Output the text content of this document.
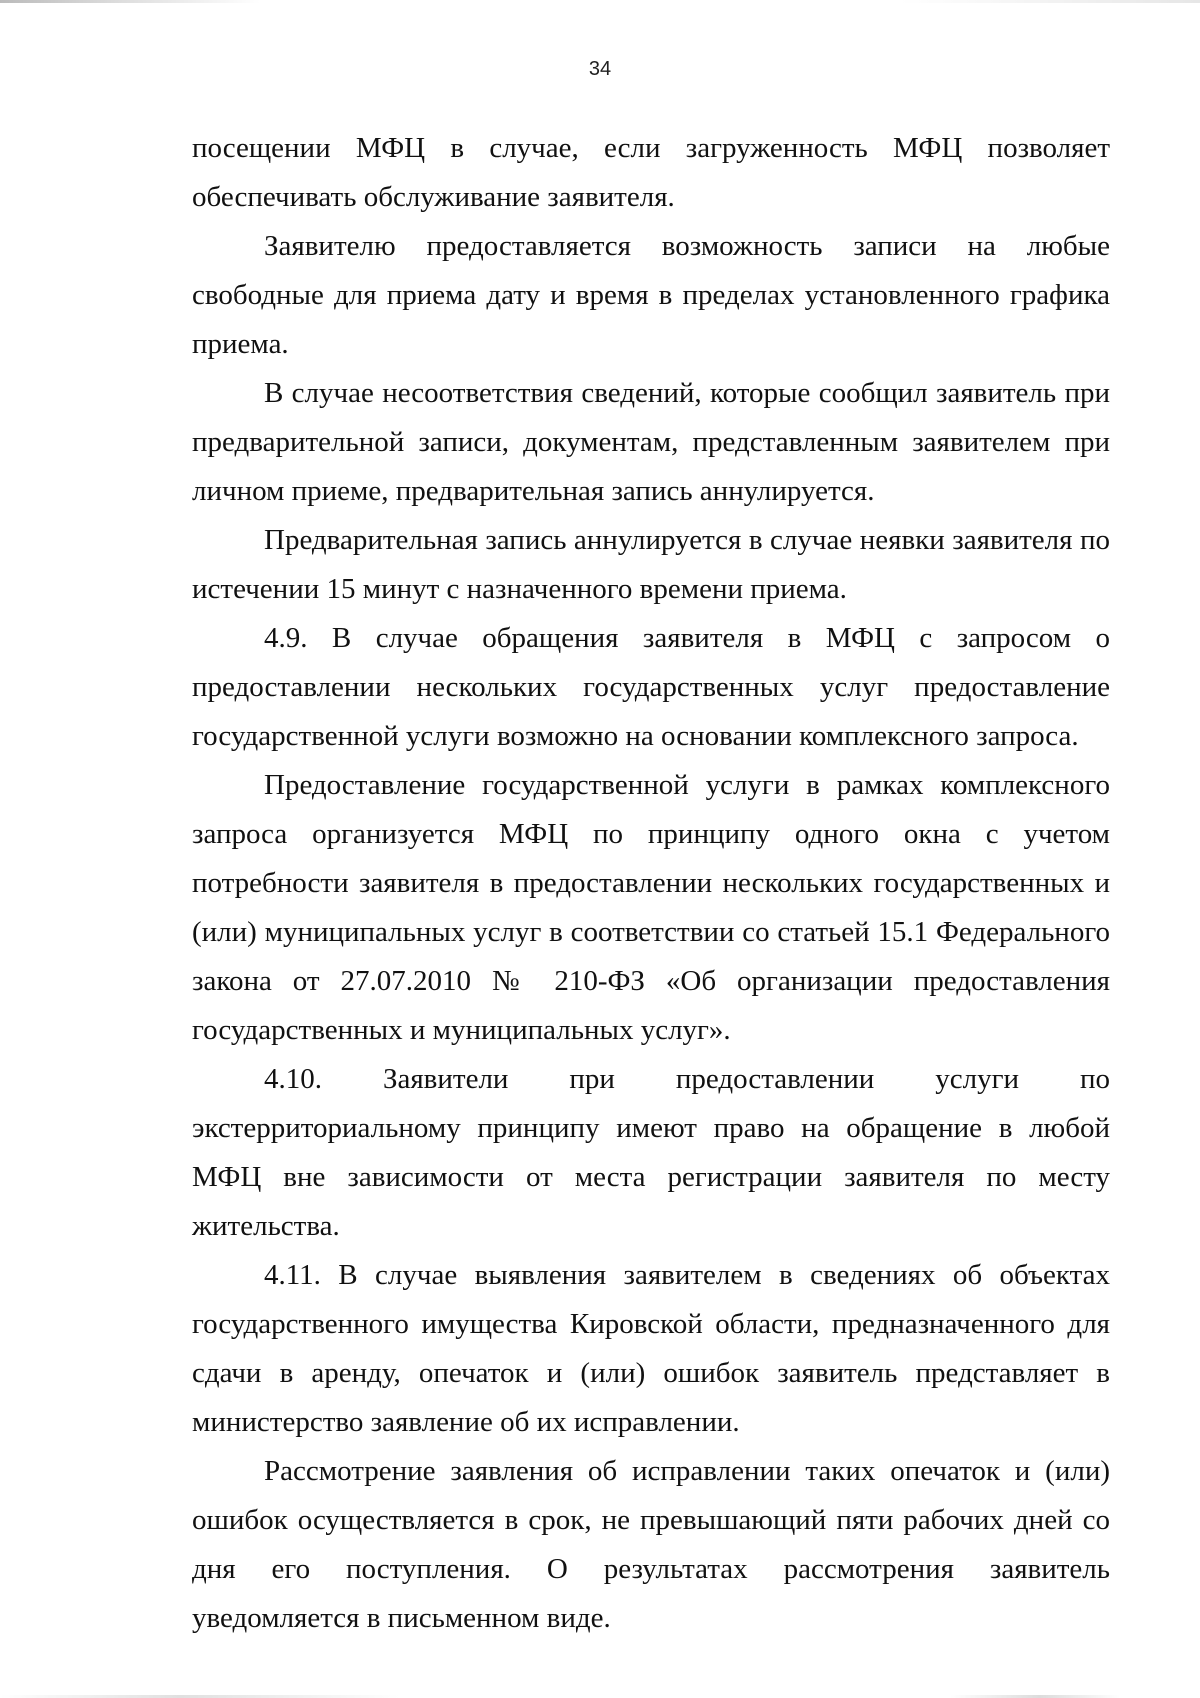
34

посещении МФЦ в случае, если загруженность МФЦ позволяет обеспечивать обслуживание заявителя.

Заявителю предоставляется возможность записи на любые свободные для приема дату и время в пределах установленного графика приема.

В случае несоответствия сведений, которые сообщил заявитель при предварительной записи, документам, представленным заявителем при личном приеме, предварительная запись аннулируется.

Предварительная запись аннулируется в случае неявки заявителя по истечении 15 минут с назначенного времени приема.

4.9. В случае обращения заявителя в МФЦ с запросом о предоставлении нескольких государственных услуг предоставление государственной услуги возможно на основании комплексного запроса.

Предоставление государственной услуги в рамках комплексного запроса организуется МФЦ по принципу одного окна с учетом потребности заявителя в предоставлении нескольких государственных и (или) муниципальных услуг в соответствии со статьей 15.1 Федерального закона от 27.07.2010 № 210-ФЗ «Об организации предоставления государственных и муниципальных услуг».

4.10. Заявители при предоставлении услуги по экстерриториальному принципу имеют право на обращение в любой МФЦ вне зависимости от места регистрации заявителя по месту жительства.

4.11. В случае выявления заявителем в сведениях об объектах государственного имущества Кировской области, предназначенного для сдачи в аренду, опечаток и (или) ошибок заявитель представляет в министерство заявление об их исправлении.

Рассмотрение заявления об исправлении таких опечаток и (или) ошибок осуществляется в срок, не превышающий пяти рабочих дней со дня его поступления. О результатах рассмотрения заявитель уведомляется в письменном виде.
